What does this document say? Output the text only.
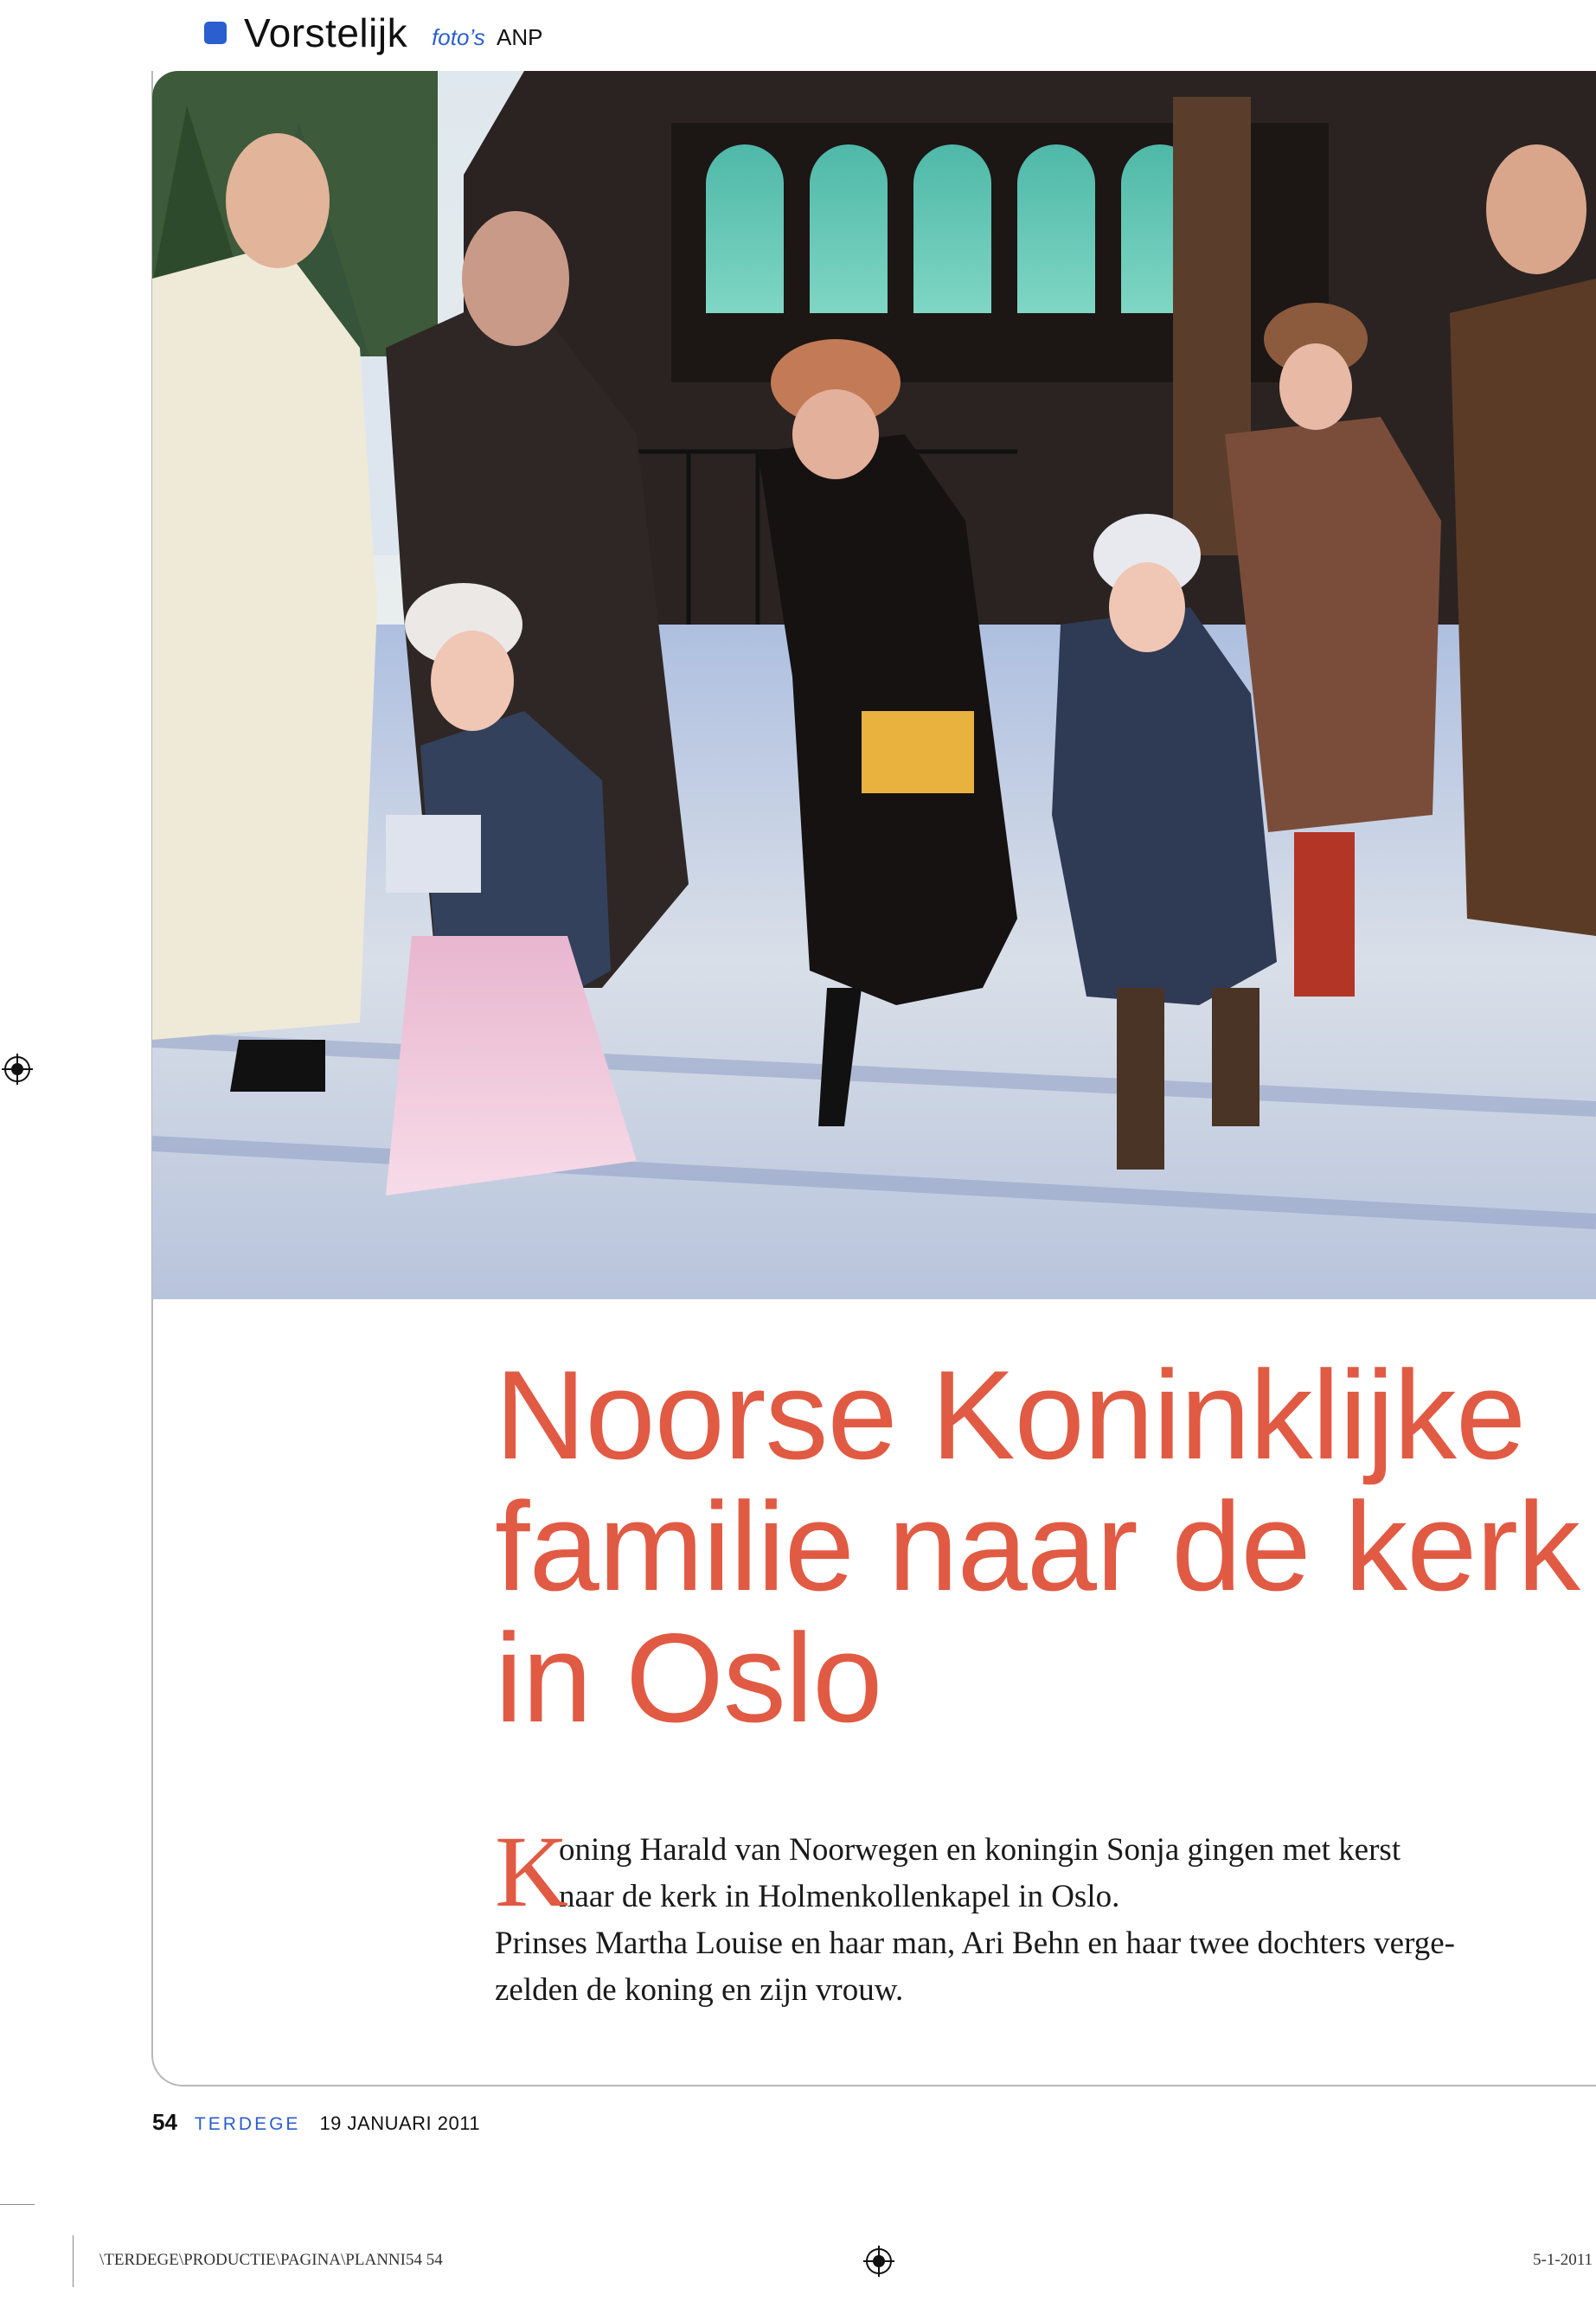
Vorstelijk foto’s ANP
Noorse Koninklijke
familie naar de kerk
in Oslo
K
oning Harald van Noorwegen en koningin Sonja gingen met kerst
naar de kerk in Holmenkollenkapel in Oslo.
Prinses Martha Louise en haar man, Ari Behn en haar twee dochters verge-
zelden de koning en zijn vrouw.
54 TERDEGE 19 JANUARI 2011
\TERDEGE\PRODUCTIE\PAGINA\PLANNI54 54	5-1-2011
